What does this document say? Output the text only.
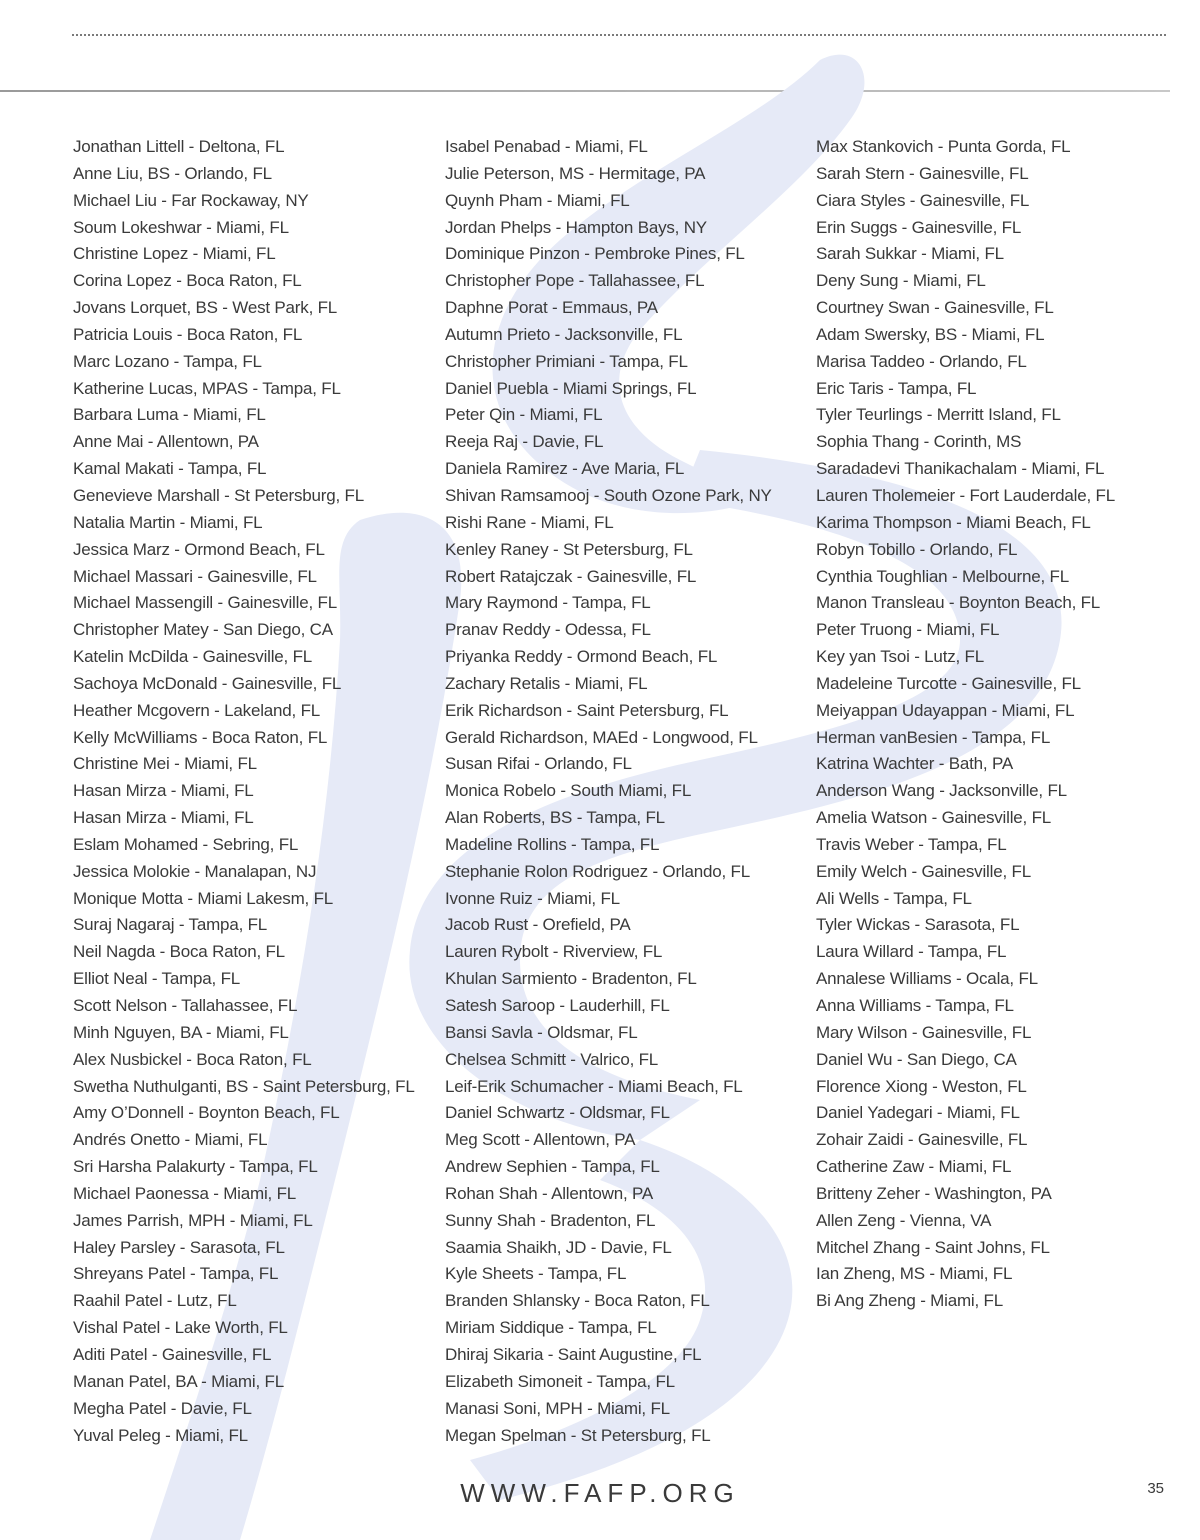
Jonathan Littell - Deltona, FL
Anne Liu, BS - Orlando, FL
Michael Liu - Far Rockaway, NY
Soum Lokeshwar - Miami, FL
Christine Lopez - Miami, FL
Corina Lopez - Boca Raton, FL
Jovans Lorquet, BS - West Park, FL
Patricia Louis - Boca Raton, FL
Marc Lozano - Tampa, FL
Katherine Lucas, MPAS - Tampa, FL
Barbara Luma - Miami, FL
Anne Mai - Allentown, PA
Kamal Makati - Tampa, FL
Genevieve Marshall - St Petersburg, FL
Natalia Martin - Miami, FL
Jessica Marz - Ormond Beach, FL
Michael Massari - Gainesville, FL
Michael Massengill - Gainesville, FL
Christopher Matey - San Diego, CA
Katelin McDilda - Gainesville, FL
Sachoya McDonald - Gainesville, FL
Heather Mcgovern - Lakeland, FL
Kelly McWilliams - Boca Raton, FL
Christine Mei - Miami, FL
Hasan Mirza - Miami, FL
Hasan Mirza - Miami, FL
Eslam Mohamed - Sebring, FL
Jessica Molokie - Manalapan, NJ
Monique Motta - Miami Lakesm, FL
Suraj Nagaraj - Tampa, FL
Neil Nagda - Boca Raton, FL
Elliot Neal - Tampa, FL
Scott Nelson - Tallahassee, FL
Minh Nguyen, BA - Miami, FL
Alex Nusbickel - Boca Raton, FL
Swetha Nuthulganti, BS - Saint Petersburg, FL
Amy O’Donnell - Boynton Beach, FL
Andrés Onetto - Miami, FL
Sri Harsha Palakurty - Tampa, FL
Michael Paonessa - Miami, FL
James Parrish, MPH - Miami, FL
Haley Parsley - Sarasota, FL
Shreyans Patel - Tampa, FL
Raahil Patel - Lutz, FL
Vishal Patel - Lake Worth, FL
Aditi Patel - Gainesville, FL
Manan Patel, BA - Miami, FL
Megha Patel - Davie, FL
Yuval Peleg - Miami, FL
Isabel Penabad - Miami, FL
Julie Peterson, MS - Hermitage, PA
Quynh Pham - Miami, FL
Jordan Phelps - Hampton Bays, NY
Dominique Pinzon - Pembroke Pines, FL
Christopher Pope - Tallahassee, FL
Daphne Porat - Emmaus, PA
Autumn Prieto - Jacksonville, FL
Christopher Primiani - Tampa, FL
Daniel Puebla - Miami Springs, FL
Peter Qin - Miami, FL
Reeja Raj - Davie, FL
Daniela Ramirez - Ave Maria, FL
Shivan Ramsamooj - South Ozone Park, NY
Rishi Rane - Miami, FL
Kenley Raney - St Petersburg, FL
Robert Ratajczak - Gainesville, FL
Mary Raymond - Tampa, FL
Pranav Reddy - Odessa, FL
Priyanka Reddy - Ormond Beach, FL
Zachary Retalis - Miami, FL
Erik Richardson - Saint Petersburg, FL
Gerald Richardson, MAEd - Longwood, FL
Susan Rifai - Orlando, FL
Monica Robelo - South Miami, FL
Alan Roberts, BS - Tampa, FL
Madeline Rollins - Tampa, FL
Stephanie Rolon Rodriguez - Orlando, FL
Ivonne Ruiz - Miami, FL
Jacob Rust - Orefield, PA
Lauren Rybolt - Riverview, FL
Khulan Sarmiento - Bradenton, FL
Satesh Saroop - Lauderhill, FL
Bansi Savla - Oldsmar, FL
Chelsea Schmitt - Valrico, FL
Leif-Erik Schumacher - Miami Beach, FL
Daniel Schwartz - Oldsmar, FL
Meg Scott - Allentown, PA
Andrew Sephien - Tampa, FL
Rohan Shah - Allentown, PA
Sunny Shah - Bradenton, FL
Saamia Shaikh, JD - Davie, FL
Kyle Sheets - Tampa, FL
Branden Shlansky - Boca Raton, FL
Miriam Siddique - Tampa, FL
Dhiraj Sikaria - Saint Augustine, FL
Elizabeth Simoneit - Tampa, FL
Manasi Soni, MPH - Miami, FL
Megan Spelman - St Petersburg, FL
Max Stankovich - Punta Gorda, FL
Sarah Stern - Gainesville, FL
Ciara Styles - Gainesville, FL
Erin Suggs - Gainesville, FL
Sarah Sukkar - Miami, FL
Deny Sung - Miami, FL
Courtney Swan - Gainesville, FL
Adam Swersky, BS - Miami, FL
Marisa Taddeo - Orlando, FL
Eric Taris - Tampa, FL
Tyler Teurlings - Merritt Island, FL
Sophia Thang - Corinth, MS
Saradadevi Thanikachalam - Miami, FL
Lauren Tholemeier - Fort Lauderdale, FL
Karima Thompson - Miami Beach, FL
Robyn Tobillo - Orlando, FL
Cynthia Toughlian - Melbourne, FL
Manon Transleau - Boynton Beach, FL
Peter Truong - Miami, FL
Key yan Tsoi - Lutz, FL
Madeleine Turcotte - Gainesville, FL
Meiyappan Udayappan - Miami, FL
Herman vanBesien - Tampa, FL
Katrina Wachter - Bath, PA
Anderson Wang - Jacksonville, FL
Amelia Watson - Gainesville, FL
Travis Weber - Tampa, FL
Emily Welch - Gainesville, FL
Ali Wells - Tampa, FL
Tyler Wickas - Sarasota, FL
Laura Willard - Tampa, FL
Annalese Williams - Ocala, FL
Anna Williams - Tampa, FL
Mary Wilson - Gainesville, FL
Daniel Wu - San Diego, CA
Florence Xiong - Weston, FL
Daniel Yadegari - Miami, FL
Zohair Zaidi - Gainesville, FL
Catherine Zaw - Miami, FL
Britteny Zeher - Washington, PA
Allen Zeng - Vienna, VA
Mitchel Zhang - Saint Johns, FL
Ian Zheng, MS - Miami, FL
Bi Ang Zheng - Miami, FL
WWW.FAFP.ORG	35
